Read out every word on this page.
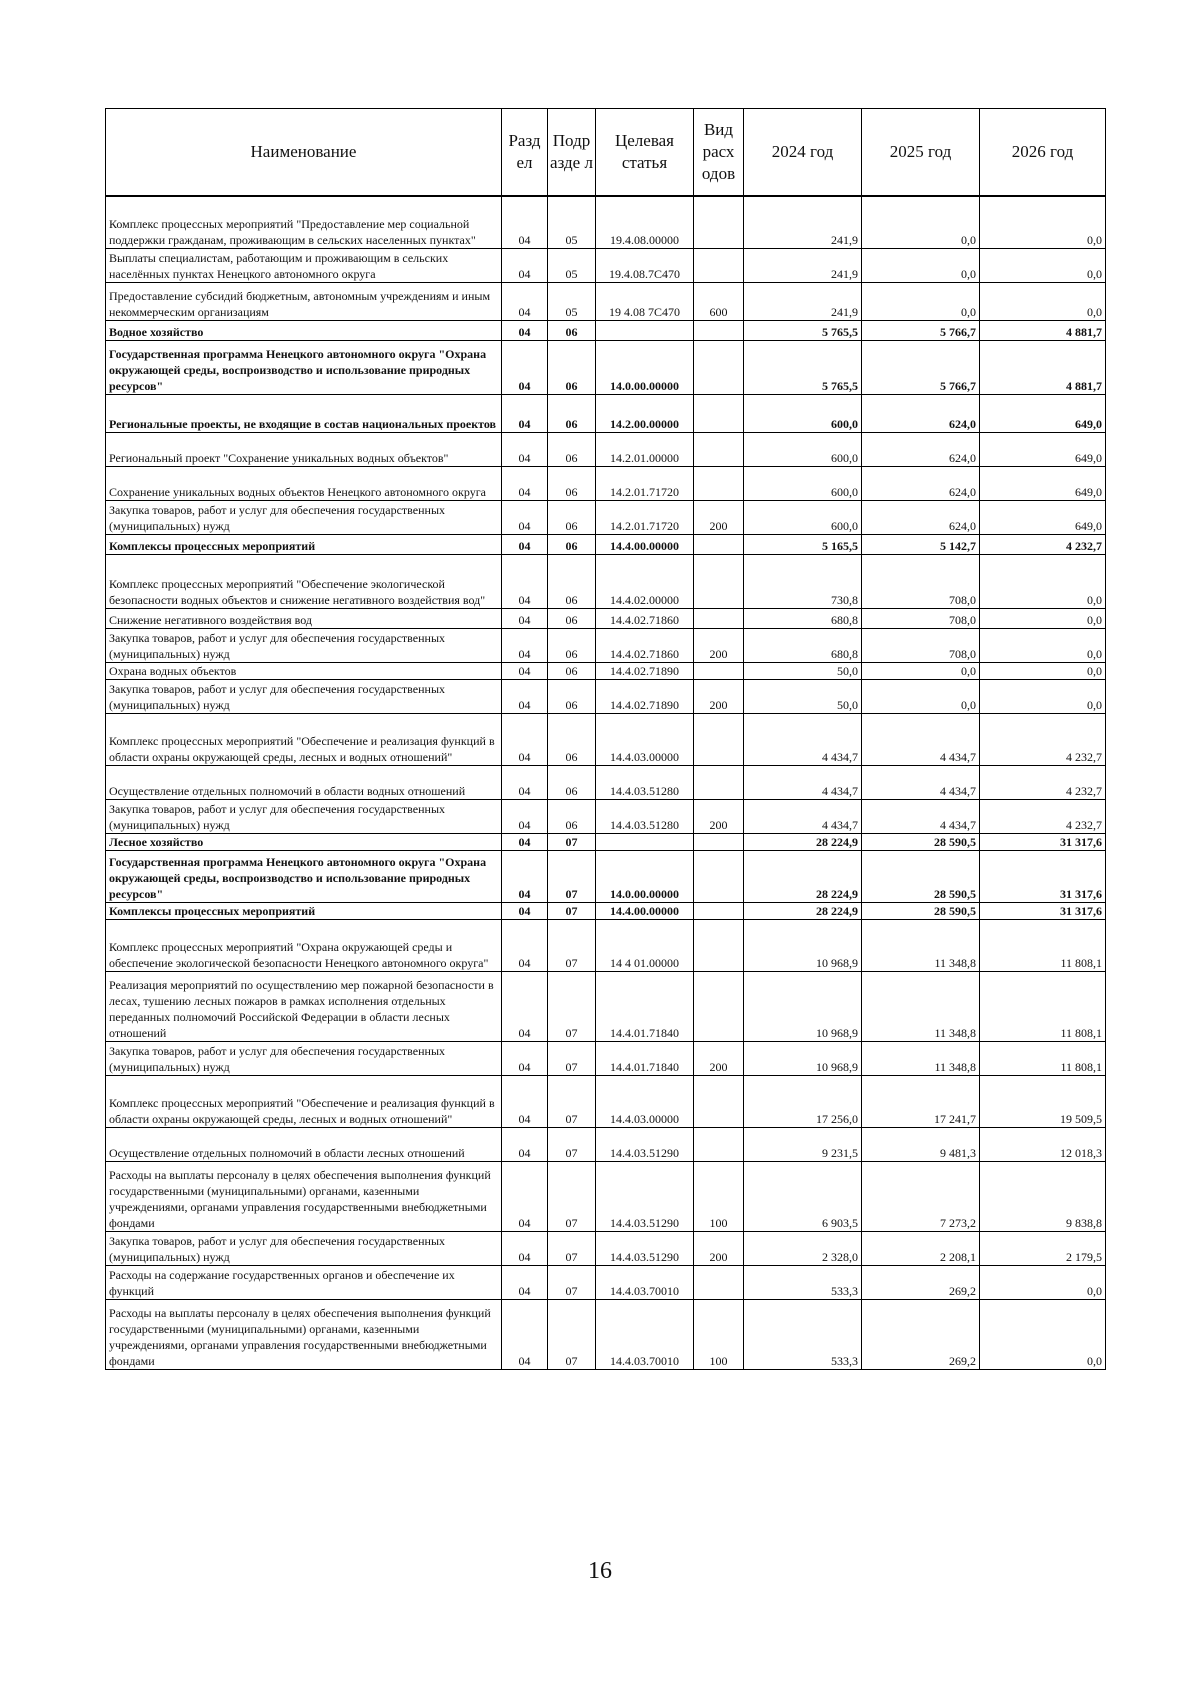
Наименование	Разд ел	Подр азде л	Целевая статья	Вид расх одов	2024 год	2025 год	2026 год
Комплекс процессных мероприятий "Предоставление мер социальной поддержки гражданам, проживающим в сельских населенных пунктах"	04	05	19.4.08.00000		241,9	0,0	0,0
Выплаты специалистам, работающим и проживающим в сельских населённых пунктах Ненецкого автономного округа	04	05	19.4.08.7С470		241,9	0,0	0,0
Предоставление субсидий бюджетным, автономным учреждениям и иным некоммерческим организациям	04	05	19 4.08 7С470	600	241,9	0,0	0,0
Водное хозяйство	04	06			5 765,5	5 766,7	4 881,7
Государственная программа Ненецкого автономного округа "Охрана окружающей среды, воспроизводство и использование природных ресурсов"	04	06	14.0.00.00000		5 765,5	5 766,7	4 881,7
Региональные проекты, не входящие в состав национальных проектов	04	06	14.2.00.00000		600,0	624,0	649,0
Региональный проект "Сохранение уникальных водных объектов"	04	06	14.2.01.00000		600,0	624,0	649,0
Сохранение уникальных водных объектов Ненецкого автономного округа	04	06	14.2.01.71720		600,0	624,0	649,0
Закупка товаров, работ и услуг для обеспечения государственных (муниципальных) нужд	04	06	14.2.01.71720	200	600,0	624,0	649,0
Комплексы процессных мероприятий	04	06	14.4.00.00000		5 165,5	5 142,7	4 232,7
Комплекс процессных мероприятий "Обеспечение экологической безопасности водных объектов и снижение негативного воздействия вод"	04	06	14.4.02.00000		730,8	708,0	0,0
Снижение негативного воздействия вод	04	06	14.4.02.71860		680,8	708,0	0,0
Закупка товаров, работ и услуг для обеспечения государственных (муниципальных) нужд	04	06	14.4.02.71860	200	680,8	708,0	0,0
Охрана водных объектов	04	06	14.4.02.71890		50,0	0,0	0,0
Закупка товаров, работ и услуг для обеспечения государственных (муниципальных) нужд	04	06	14.4.02.71890	200	50,0	0,0	0,0
Комплекс процессных мероприятий "Обеспечение и реализация функций в области охраны окружающей среды, лесных и водных отношений"	04	06	14.4.03.00000		4 434,7	4 434,7	4 232,7
Осуществление отдельных полномочий в области водных отношений	04	06	14.4.03.51280		4 434,7	4 434,7	4 232,7
Закупка товаров, работ и услуг для обеспечения государственных (муниципальных) нужд	04	06	14.4.03.51280	200	4 434,7	4 434,7	4 232,7
Лесное хозяйство	04	07			28 224,9	28 590,5	31 317,6
Государственная программа Ненецкого автономного округа "Охрана окружающей среды, воспроизводство и использование природных ресурсов"	04	07	14.0.00.00000		28 224,9	28 590,5	31 317,6
Комплексы процессных мероприятий	04	07	14.4.00.00000		28 224,9	28 590,5	31 317,6
Комплекс процессных мероприятий "Охрана окружающей среды и обеспечение экологической безопасности Ненецкого автономного округа"	04	07	14 4 01.00000		10 968,9	11 348,8	11 808,1
Реализация мероприятий по осуществлению мер пожарной безопасности в лесах, тушению лесных пожаров в рамках исполнения отдельных переданных полномочий Российской Федерации в области лесных отношений	04	07	14.4.01.71840		10 968,9	11 348,8	11 808,1
Закупка товаров, работ и услуг для обеспечения государственных (муниципальных) нужд	04	07	14.4.01.71840	200	10 968,9	11 348,8	11 808,1
Комплекс процессных мероприятий "Обеспечение и реализация функций в области охраны окружающей среды, лесных и водных отношений"	04	07	14.4.03.00000		17 256,0	17 241,7	19 509,5
Осуществление отдельных полномочий в области лесных отношений	04	07	14.4.03.51290		9 231,5	9 481,3	12 018,3
Расходы на выплаты персоналу в целях обеспечения выполнения функций государственными (муниципальными) органами, казенными учреждениями, органами управления государственными внебюджетными фондами	04	07	14.4.03.51290	100	6 903,5	7 273,2	9 838,8
Закупка товаров, работ и услуг для обеспечения государственных (муниципальных) нужд	04	07	14.4.03.51290	200	2 328,0	2 208,1	2 179,5
Расходы на содержание государственных органов и обеспечение их функций	04	07	14.4.03.70010		533,3	269,2	0,0
Расходы на выплаты персоналу в целях обеспечения выполнения функций государственными (муниципальными) органами, казенными учреждениями, органами управления государственными внебюджетными фондами	04	07	14.4.03.70010	100	533,3	269,2	0,0
16
